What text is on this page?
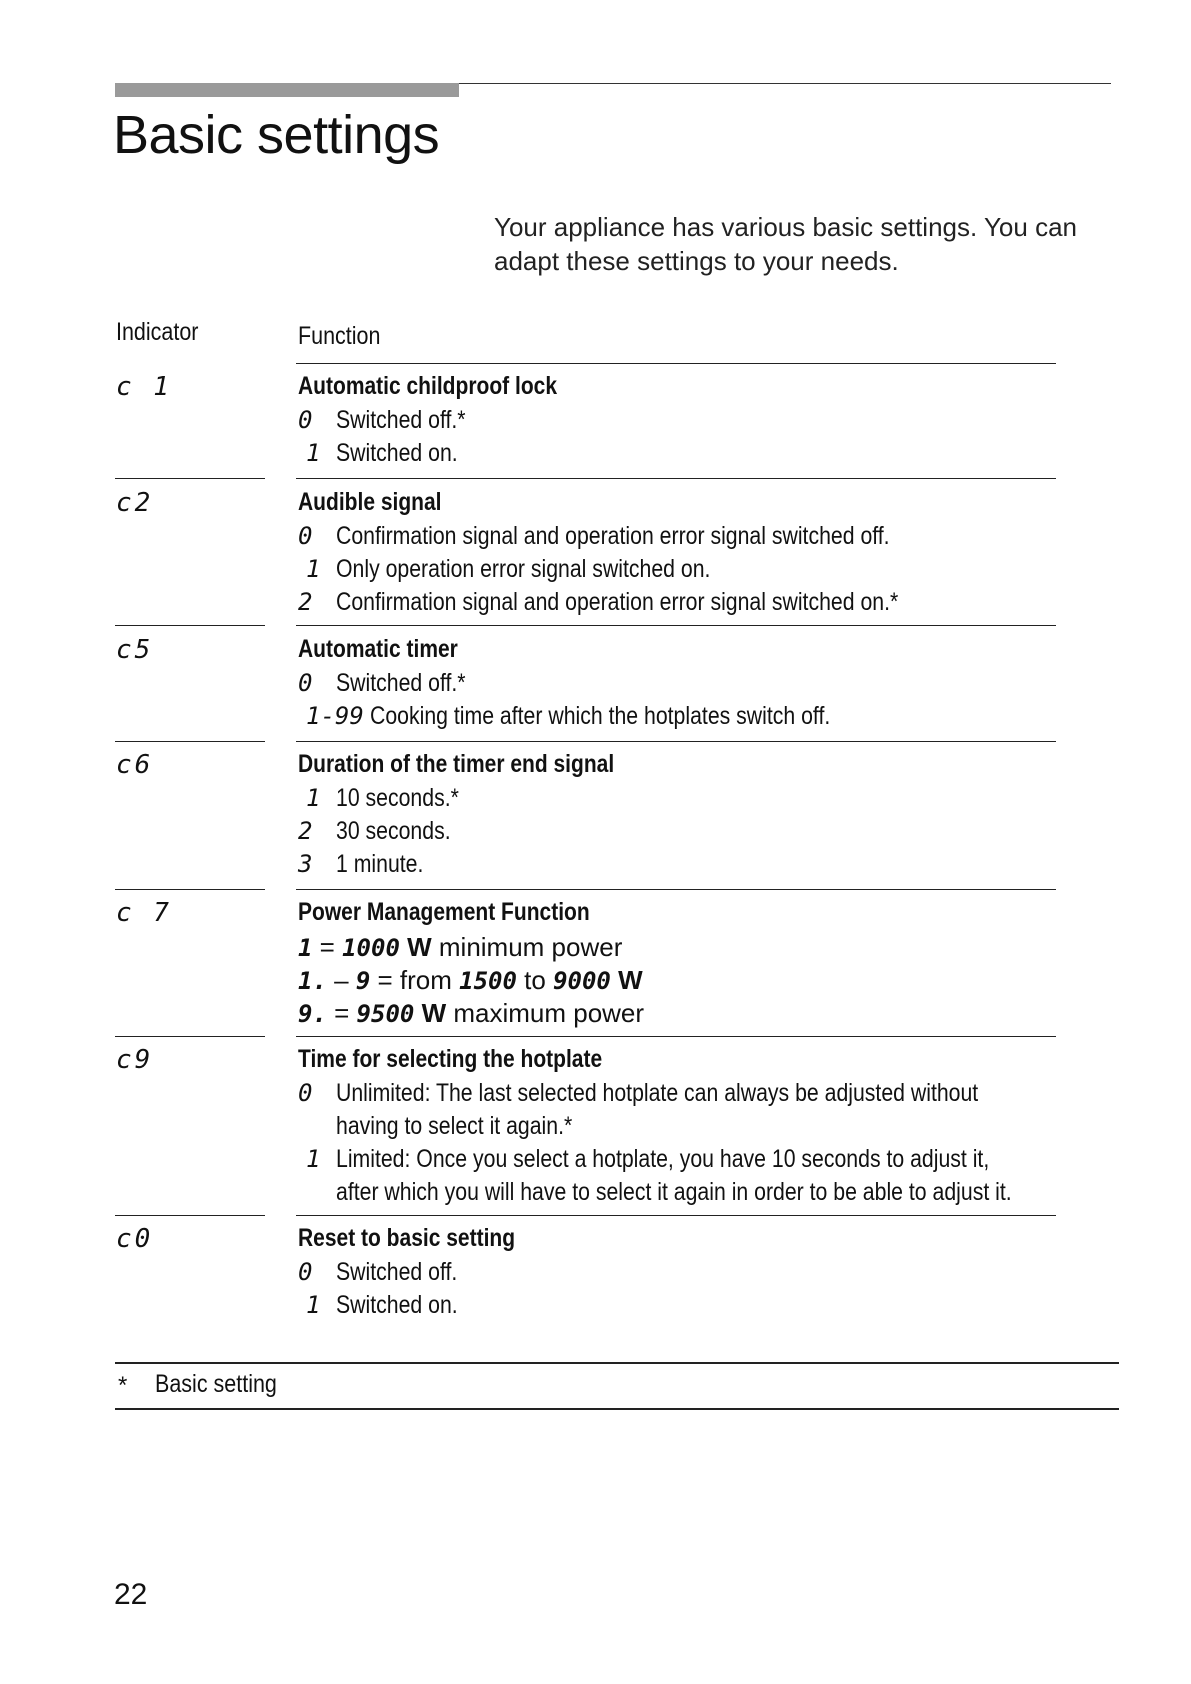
Basic settings
Your appliance has various basic settings. You can
adapt these settings to your needs.
Indicator	Function
c 1	Automatic childproof lock
0 Switched off.*
1 Switched on.
c2	Audible signal
0 Confirmation signal and operation error signal switched off.
1 Only operation error signal switched on.
2 Confirmation signal and operation error signal switched on.*
c5	Automatic timer
0 Switched off.*
1-99 Cooking time after which the hotplates switch off.
c6	Duration of the timer end signal
1 10 seconds.*
2 30 seconds.
3 1 minute.
c 7	Power Management Function
1 = 1000 W minimum power
1. – 9 = from 1500 to 9000 W
9. = 9500 W maximum power
c9	Time for selecting the hotplate
0 Unlimited: The last selected hotplate can always be adjusted without
having to select it again.*
1 Limited: Once you select a hotplate, you have 10 seconds to adjust it,
after which you will have to select it again in order to be able to adjust it.
c0	Reset to basic setting
0 Switched off.
1 Switched on.
* Basic setting
22
